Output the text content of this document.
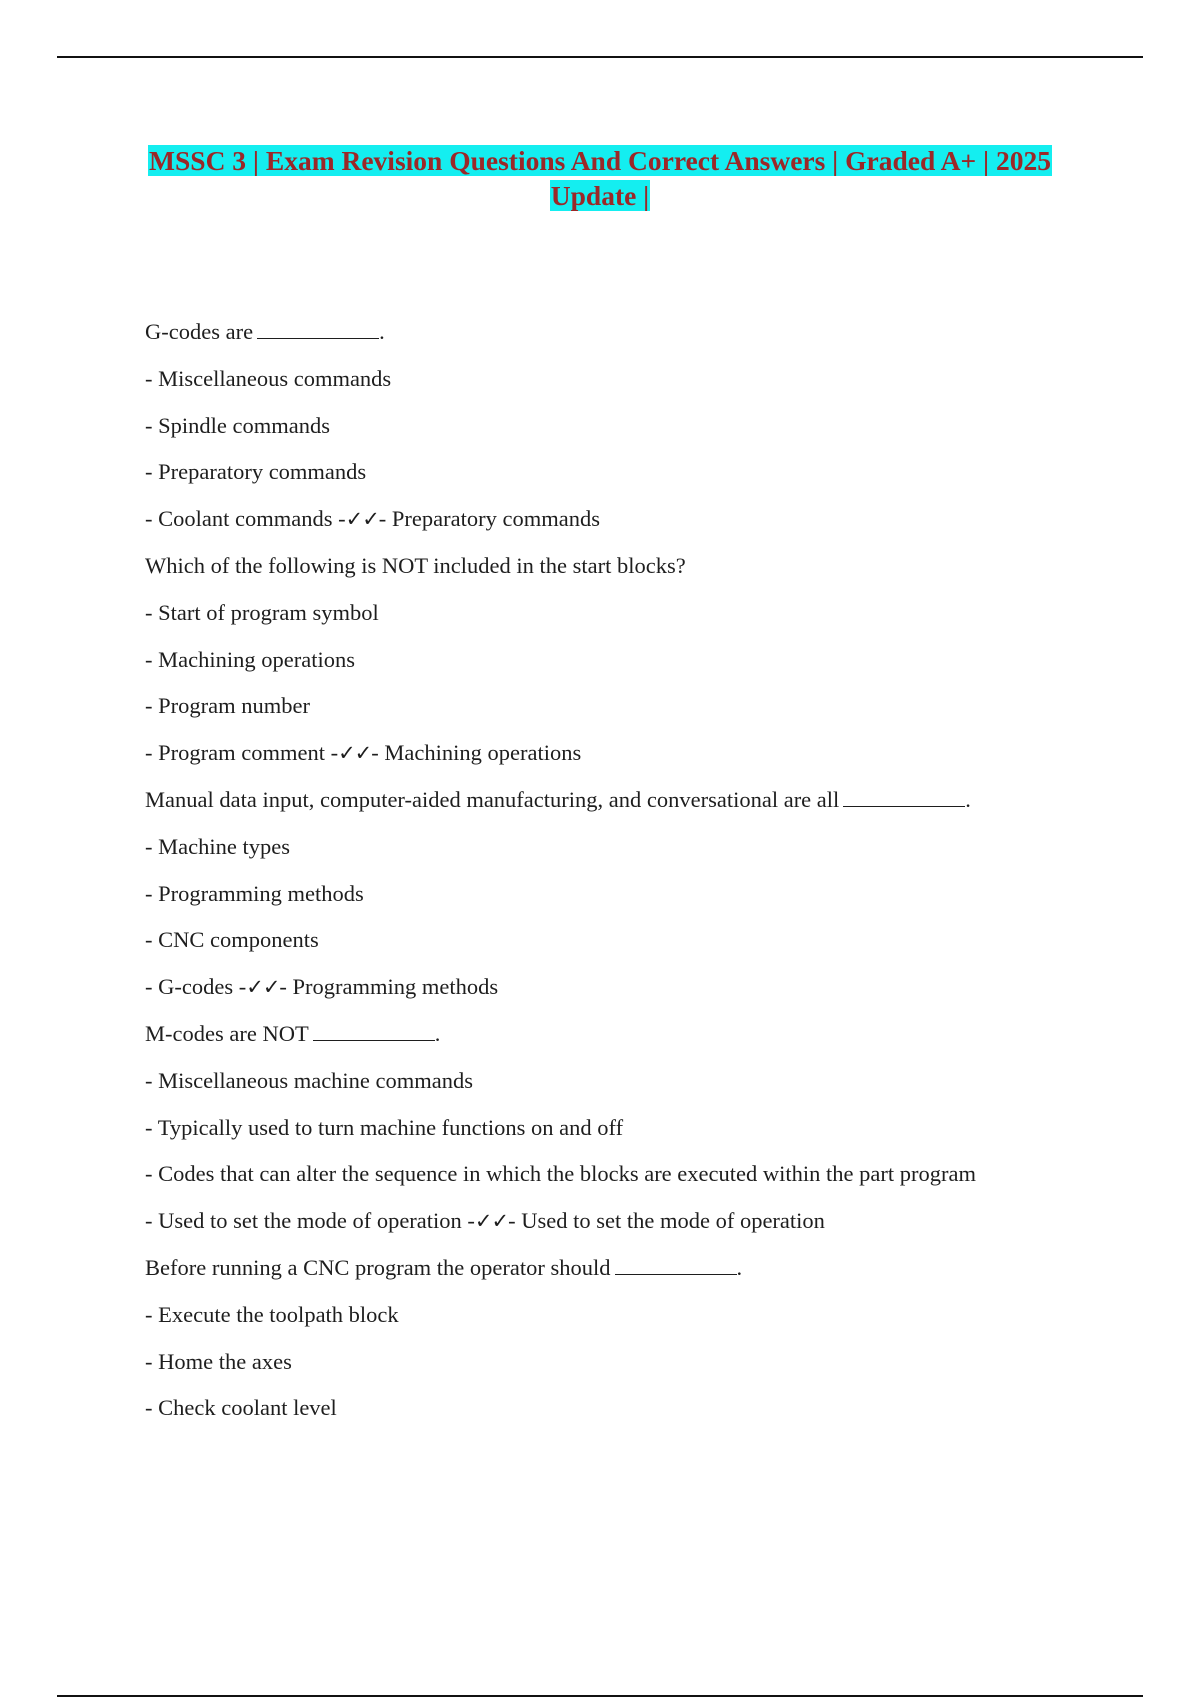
MSSC 3 | Exam Revision Questions And Correct Answers | Graded A+ | 2025
Update |
G-codes are	.
- Miscellaneous commands
- Spindle commands
- Preparatory commands
- Coolant commands -✓✓- Preparatory commands
Which of the following is NOT included in the start blocks?
- Start of program symbol
- Machining operations
- Program number
- Program comment -✓✓- Machining operations
Manual data input, computer-aided manufacturing, and conversational are all	.
- Machine types
- Programming methods
- CNC components
- G-codes -✓✓- Programming methods
M-codes are NOT	.
- Miscellaneous machine commands
- Typically used to turn machine functions on and off
- Codes that can alter the sequence in which the blocks are executed within the part program
- Used to set the mode of operation -✓✓- Used to set the mode of operation
Before running a CNC program the operator should	.
- Execute the toolpath block
- Home the axes
- Check coolant level
